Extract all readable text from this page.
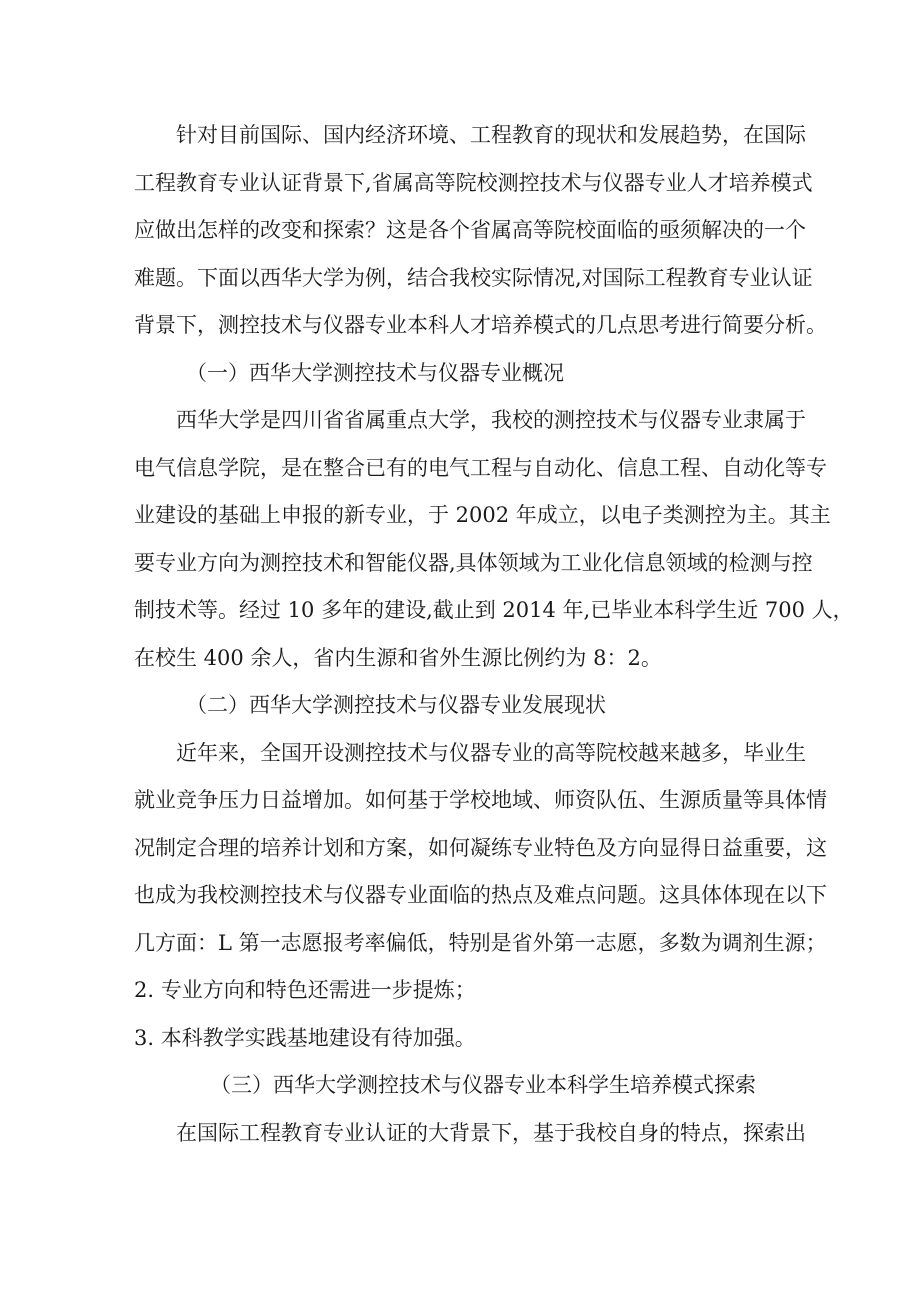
针对目前国际、国内经济环境、工程教育的现状和发展趋势，在国际
工程教育专业认证背景下,省属高等院校测控技术与仪器专业人才培养模式
应做出怎样的改变和探索？这是各个省属高等院校面临的亟须解决的一个
难题。下面以西华大学为例，结合我校实际情况,对国际工程教育专业认证
背景下，测控技术与仪器专业本科人才培养模式的几点思考进行简要分析。
（一）西华大学测控技术与仪器专业概况
西华大学是四川省省属重点大学，我校的测控技术与仪器专业隶属于
电气信息学院，是在整合已有的电气工程与自动化、信息工程、自动化等专
业建设的基础上申报的新专业，于 2002 年成立，以电子类测控为主。其主
要专业方向为测控技术和智能仪器,具体领域为工业化信息领域的检测与控
制技术等。经过 10 多年的建设,截止到 2014 年,已毕业本科学生近 700 人，
在校生 400 余人，省内生源和省外生源比例约为 8：2。
（二）西华大学测控技术与仪器专业发展现状
近年来，全国开设测控技术与仪器专业的高等院校越来越多，毕业生
就业竞争压力日益增加。如何基于学校地域、师资队伍、生源质量等具体情
况制定合理的培养计划和方案，如何凝练专业特色及方向显得日益重要，这
也成为我校测控技术与仪器专业面临的热点及难点问题。这具体体现在以下
几方面：L 第一志愿报考率偏低，特别是省外第一志愿，多数为调剂生源；
2. 专业方向和特色还需进一步提炼；
3. 本科教学实践基地建设有待加强。
（三）西华大学测控技术与仪器专业本科学生培养模式探索
在国际工程教育专业认证的大背景下，基于我校自身的特点，探索出
